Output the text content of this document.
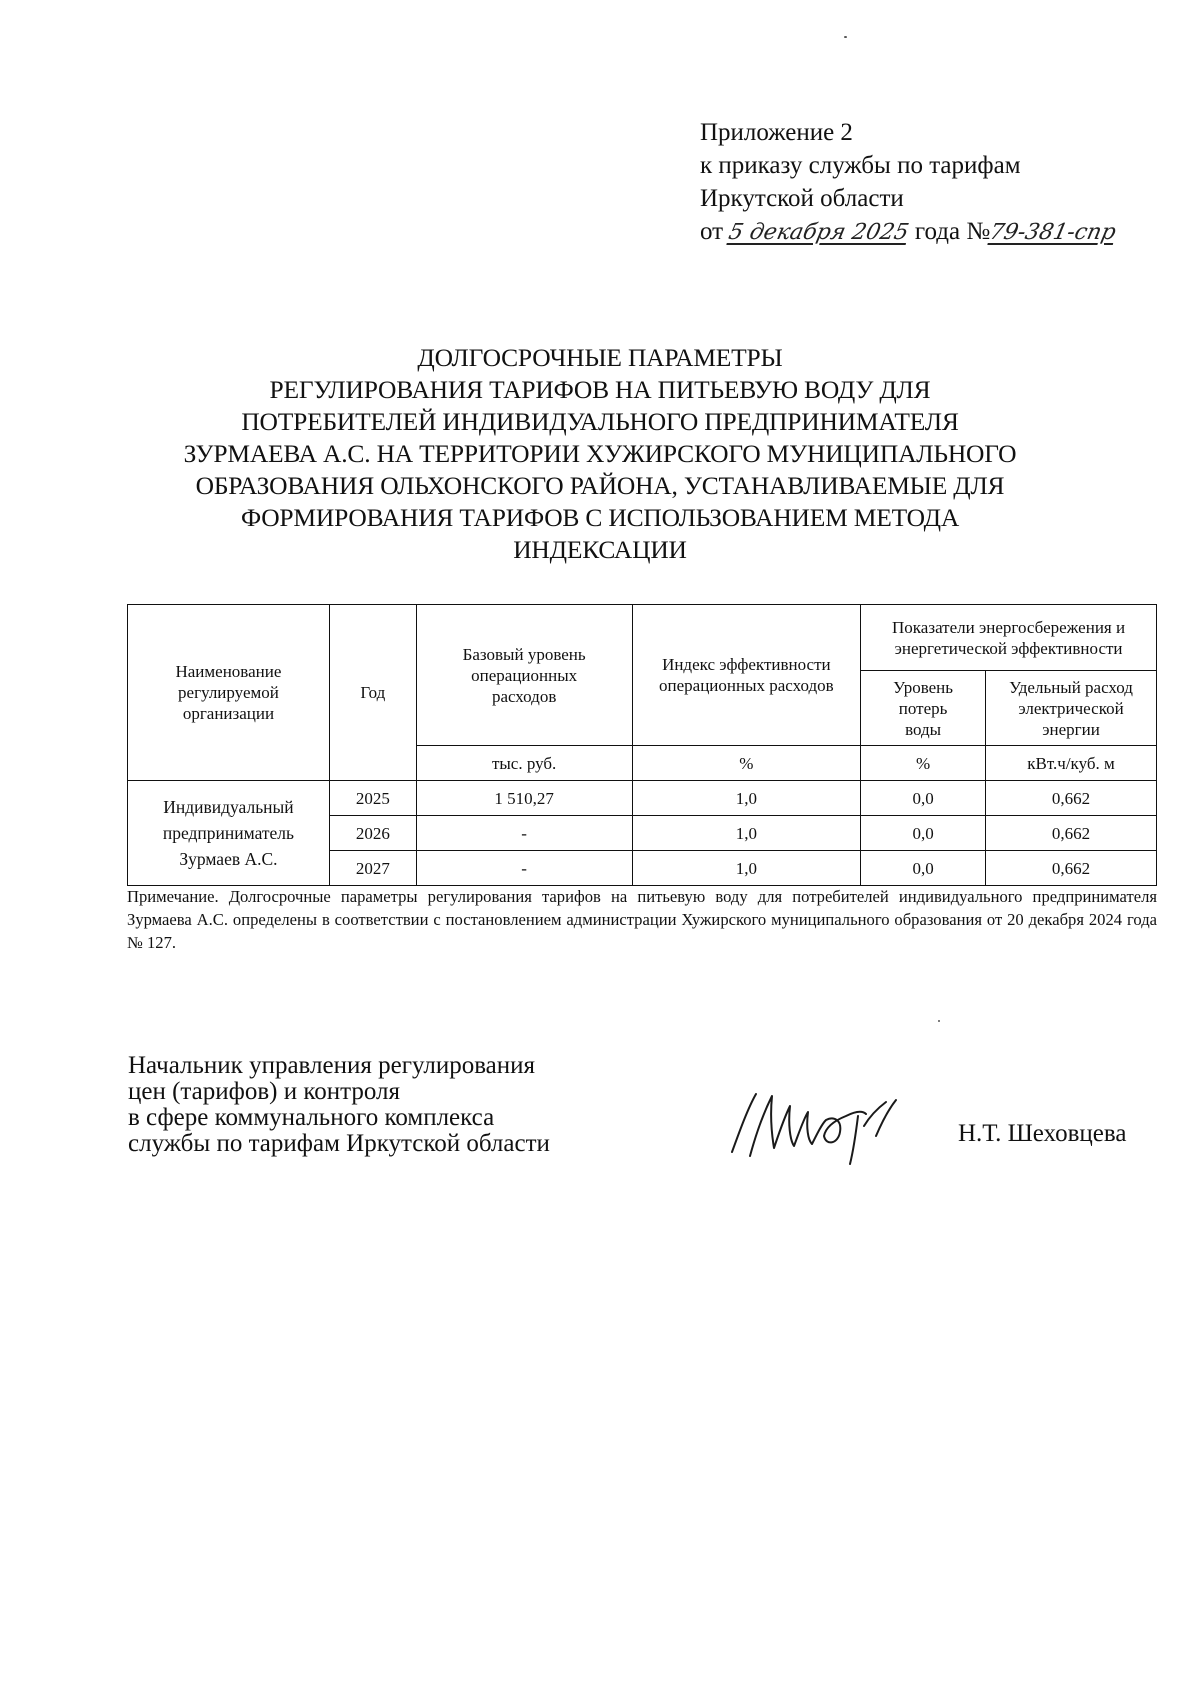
Приложение 2
к приказу службы по тарифам
Иркутской области
от 5 декабря 2025 года №79-381-спр
ДОЛГОСРОЧНЫЕ ПАРАМЕТРЫ
РЕГУЛИРОВАНИЯ ТАРИФОВ НА ПИТЬЕВУЮ ВОДУ ДЛЯ
ПОТРЕБИТЕЛЕЙ ИНДИВИДУАЛЬНОГО ПРЕДПРИНИМАТЕЛЯ
ЗУРМАЕВА А.С. НА ТЕРРИТОРИИ ХУЖИРСКОГО МУНИЦИПАЛЬНОГО
ОБРАЗОВАНИЯ ОЛЬХОНСКОГО РАЙОНА, УСТАНАВЛИВАЕМЫЕ ДЛЯ
ФОРМИРОВАНИЯ ТАРИФОВ С ИСПОЛЬЗОВАНИЕМ МЕТОДА
ИНДЕКСАЦИИ
Наименование регулируемой организации	Год	Базовый уровень операционных расходов	Индекс эффективности операционных расходов	Показатели энергосбережения и энергетической эффективности	
				Уровень потерь воды	Удельный расход электрической энергии
		тыс. руб.	%	%	кВт.ч/куб. м
Индивидуальный предприниматель Зурмаев А.С.	2025	1 510,27	1,0	0,0	0,662
	2026	-	1,0	0,0	0,662
	2027	-	1,0	0,0	0,662
Примечание. Долгосрочные параметры регулирования тарифов на питьевую воду для потребителей индивидуального предпринимателя Зурмаева А.С. определены в соответствии с постановлением администрации Хужирского муниципального образования от 20 декабря 2024 года № 127.
Начальник управления регулирования
цен (тарифов) и контроля
в сфере коммунального комплекса
службы по тарифам Иркутской области	Н.Т. Шеховцева
